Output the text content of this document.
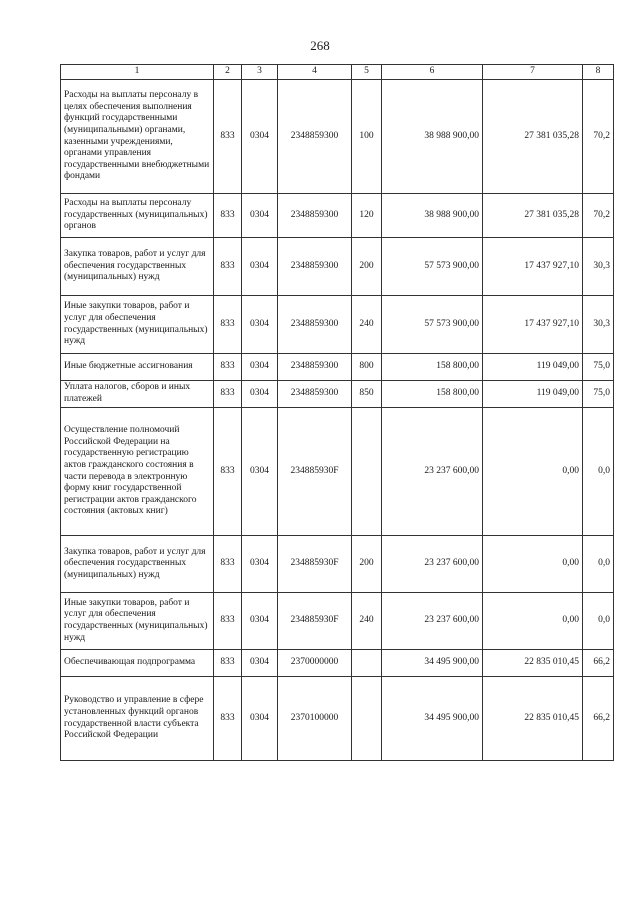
268
1	2	3	4	5	6	7	8
Расходы на выплаты персоналу в целях обеспечения выполнения функций государственными (муниципальными) органами, казенными учреждениями, органами управления государственными внебюджетными фондами	833	0304	2348859300	100	38 988 900,00	27 381 035,28	70,2
Расходы на выплаты персоналу государственных (муниципальных) органов	833	0304	2348859300	120	38 988 900,00	27 381 035,28	70,2
Закупка товаров, работ и услуг для обеспечения государственных (муниципальных) нужд	833	0304	2348859300	200	57 573 900,00	17 437 927,10	30,3
Иные закупки товаров, работ и услуг для обеспечения государственных (муниципальных) нужд	833	0304	2348859300	240	57 573 900,00	17 437 927,10	30,3
Иные бюджетные ассигнования	833	0304	2348859300	800	158 800,00	119 049,00	75,0
Уплата налогов, сборов и иных платежей	833	0304	2348859300	850	158 800,00	119 049,00	75,0
Осуществление полномочий Российской Федерации на государственную регистрацию актов гражданского состояния в части перевода в электронную форму книг государственной регистрации актов гражданского состояния (актовых книг)	833	0304	234885930F		23 237 600,00	0,00	0,0
Закупка товаров, работ и услуг для обеспечения государственных (муниципальных) нужд	833	0304	234885930F	200	23 237 600,00	0,00	0,0
Иные закупки товаров, работ и услуг для обеспечения государственных (муниципальных) нужд	833	0304	234885930F	240	23 237 600,00	0,00	0,0
Обеспечивающая подпрограмма	833	0304	2370000000		34 495 900,00	22 835 010,45	66,2
Руководство и управление в сфере установленных функций органов государственной власти субъекта Российской Федерации	833	0304	2370100000		34 495 900,00	22 835 010,45	66,2
